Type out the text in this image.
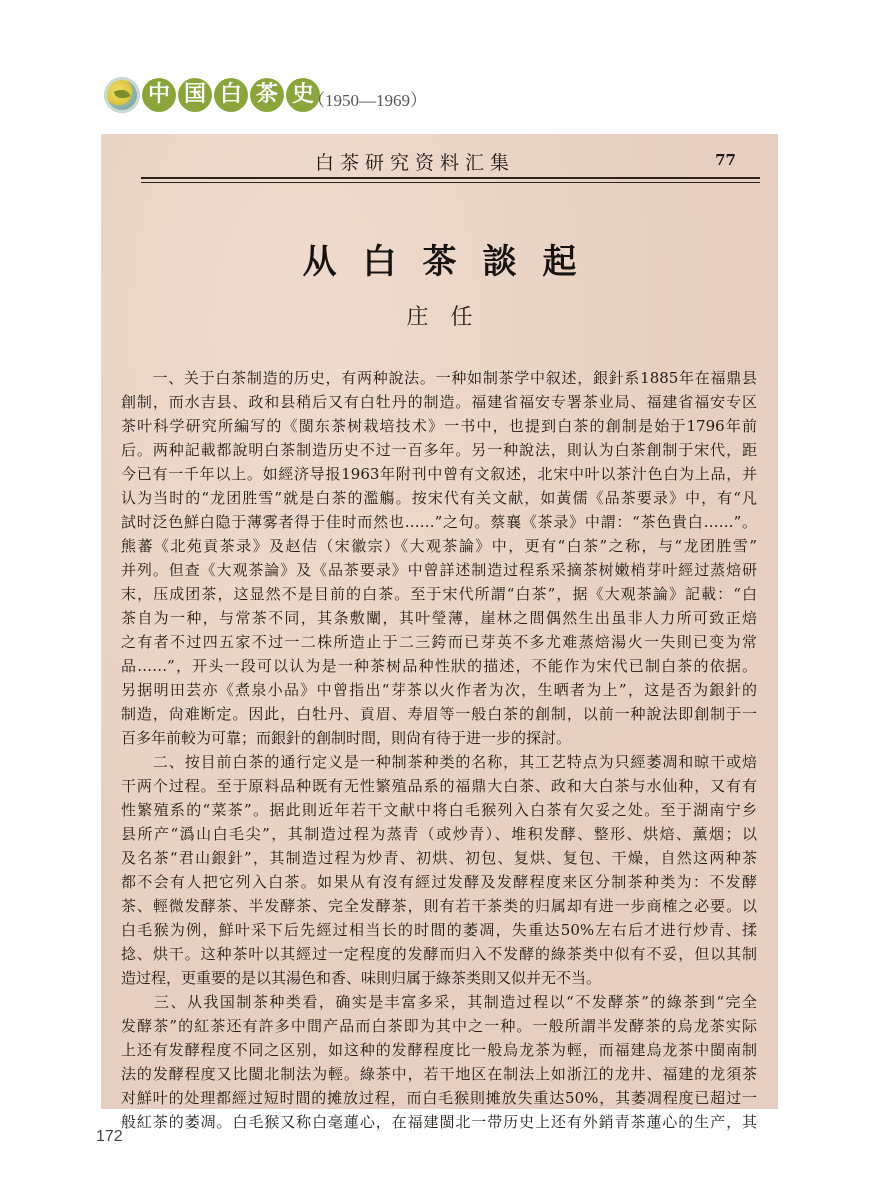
中 国 白 茶 史
（1950—1969）
白茶研究资料汇集	77
从白茶談起
庄任
　　一、关于白茶制造的历史，有两种說法。一种如制茶学中叙述，銀針系1885年在福鼎县
創制，而水吉县、政和县稍后又有白牡丹的制造。福建省福安专署茶业局、福建省福安专区
茶叶科学研究所編写的《閩东茶树栽培技术》一书中，也提到白茶的創制是始于1796年前
后。两种記載都說明白茶制造历史不过一百多年。另一种說法，則认为白茶創制于宋代，距
今已有一千年以上。如經济导报1963年附刊中曾有文叙述，北宋中叶以茶汁色白为上品，并
认为当时的“龙团胜雪”就是白茶的濫觴。按宋代有关文献，如黃儒《品茶要录》中，有“凡
試时泛色鮮白隐于薄雾者得于佳时而然也……”之句。蔡襄《茶录》中謂：“茶色貴白……”。
熊蕃《北苑貢茶录》及赵佶（宋徽宗）《大观茶論》中，更有“白茶”之称，与“龙团胜雪”
并列。但查《大观茶論》及《品茶要录》中曾詳述制造过程系采摘茶树嫩梢芽叶經过蒸焙研
末，压成团茶，这显然不是目前的白茶。至于宋代所謂“白茶”，据《大观茶論》記載：“白
茶自为一种，与常茶不同，其条敷闡，其叶瑩薄，崖林之間偶然生出虽非人力所可致正焙
之有者不过四五家不过一二株所造止于二三銙而已芽英不多尤难蒸焙湯火一失則已变为常
品……”，开头一段可以认为是一种茶树品种性狀的描述，不能作为宋代已制白茶的依据。
另据明田芸亦《煮泉小品》中曾指出“芽茶以火作者为次，生晒者为上”，这是否为銀針的
制造，尙难断定。因此，白牡丹、貢眉、寿眉等一般白茶的創制，以前一种說法即創制于一
百多年前較为可靠；而銀針的創制时間，則尙有待于进一步的探討。
　　二、按目前白茶的通行定义是一种制茶种类的名称，其工艺特点为只經萎凋和晾干或焙
干两个过程。至于原料品种既有无性繁殖品系的福鼎大白茶、政和大白茶与水仙种，又有有
性繁殖系的“菜茶”。据此則近年若干文献中将白毛猴列入白茶有欠妥之处。至于湖南宁乡
县所产“潙山白毛尖”，其制造过程为蒸青（或炒青）、堆积发酵、整形、烘焙、薰烟；以
及名茶“君山銀針”，其制造过程为炒青、初烘、初包、复烘、复包、干燥，自然这两种茶
都不会有人把它列入白茶。如果从有沒有經过发酵及发酵程度来区分制茶种类为：不发酵
茶、輕微发酵茶、半发酵茶、完全发酵茶，則有若干茶类的归属却有进一步商榷之必要。以
白毛猴为例，鮮叶采下后先經过相当长的时間的萎凋，失重达50%左右后才进行炒青、揉
捻、烘干。这种茶叶以其經过一定程度的发酵而归入不发酵的綠茶类中似有不妥，但以其制
造过程，更重要的是以其湯色和香、味則归属于綠茶类則又似并无不当。
　　三、从我国制茶种类看，确实是丰富多采，其制造过程以“不发酵茶”的綠茶到“完全
发酵茶”的紅茶还有許多中間产品而白茶即为其中之一种。一般所謂半发酵茶的烏龙茶实际
上还有发酵程度不同之区别，如这种的发酵程度比一般烏龙茶为輕，而福建烏龙茶中閩南制
法的发酵程度又比閩北制法为輕。綠茶中，若干地区在制法上如浙江的龙井、福建的龙須茶
对鮮叶的处理都經过短时間的摊放过程，而白毛猴則摊放失重达50%，其萎凋程度已超过一
般紅茶的萎凋。白毛猴又称白毫蓮心，在福建閩北一带历史上还有外銷青茶蓮心的生产，其
172
